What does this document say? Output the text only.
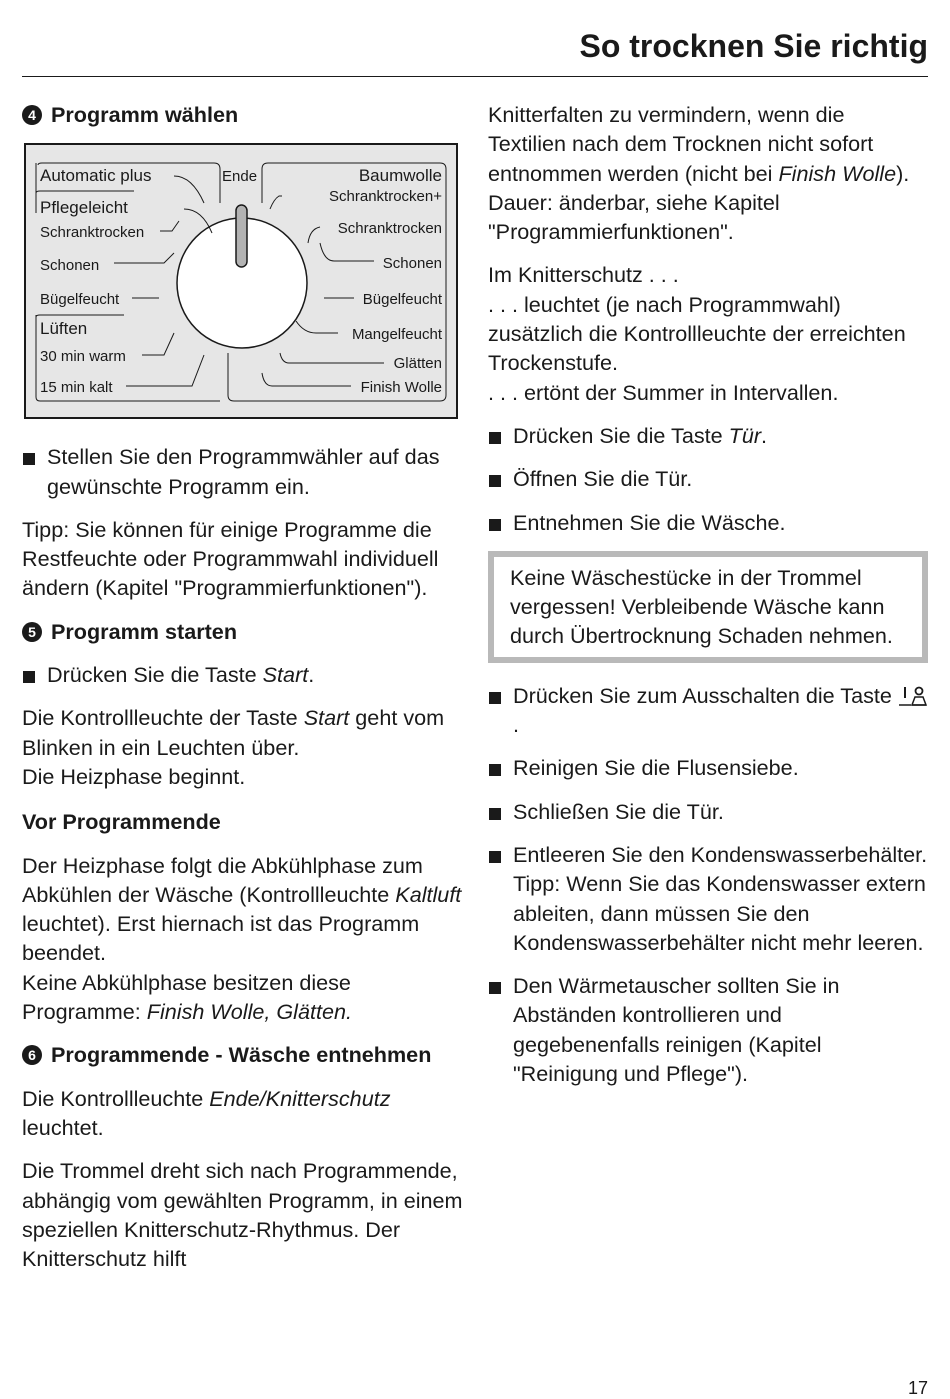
So trocknen Sie richtig
4 Programm wählen
Automatic plus
Pflegeleicht
Schranktrocken
Schonen
Bügelfeucht
Lüften
30 min warm
15 min kalt
Ende	Baumwolle
Schranktrocken+
Schranktrocken
Schonen
Bügelfeucht
Mangelfeucht
Glätten
Finish Wolle

Stellen Sie den Programmwähler auf das gewünschte Programm ein.

Tipp: Sie können für einige Programme die Restfeuchte oder Programmwahl individuell ändern (Kapitel "Programmierfunktionen").

5 Programm starten

Drücken Sie die Taste Start.

Die Kontrollleuchte der Taste Start geht vom Blinken in ein Leuchten über.
Die Heizphase beginnt.

Vor Programmende

Der Heizphase folgt die Abkühlphase zum Abkühlen der Wäsche (Kontrollleuchte Kaltluft leuchtet). Erst hiernach ist das Programm beendet.
Keine Abkühlphase besitzen diese Programme: Finish Wolle, Glätten.

6 Programmende - Wäsche entnehmen

Die Kontrollleuchte Ende/Knitterschutz leuchtet.

Die Trommel dreht sich nach Programmende, abhängig vom gewählten Programm, in einem speziellen Knitterschutz-Rhythmus. Der Knitterschutz hilft

Knitterfalten zu vermindern, wenn die Textilien nach dem Trocknen nicht sofort entnommen werden (nicht bei Finish Wolle).
Dauer: änderbar, siehe Kapitel "Programmierfunktionen".

Im Knitterschutz . . .
. . . leuchtet (je nach Programmwahl) zusätzlich die Kontrollleuchte der erreichten Trockenstufe.
. . . ertönt der Summer in Intervallen.

Drücken Sie die Taste Tür.

Öffnen Sie die Tür.

Entnehmen Sie die Wäsche.

Keine Wäschestücke in der Trommel vergessen! Verbleibende Wäsche kann durch Übertrocknung Schaden nehmen.

Drücken Sie zum Ausschalten die Taste .

Reinigen Sie die Flusensiebe.

Schließen Sie die Tür.

Entleeren Sie den Kondenswasserbehälter.
Tipp: Wenn Sie das Kondenswasser extern ableiten, dann müssen Sie den Kondenswasserbehälter nicht mehr leeren.

Den Wärmetauscher sollten Sie in Abständen kontrollieren und gegebenenfalls reinigen (Kapitel "Reinigung und Pflege").

17
